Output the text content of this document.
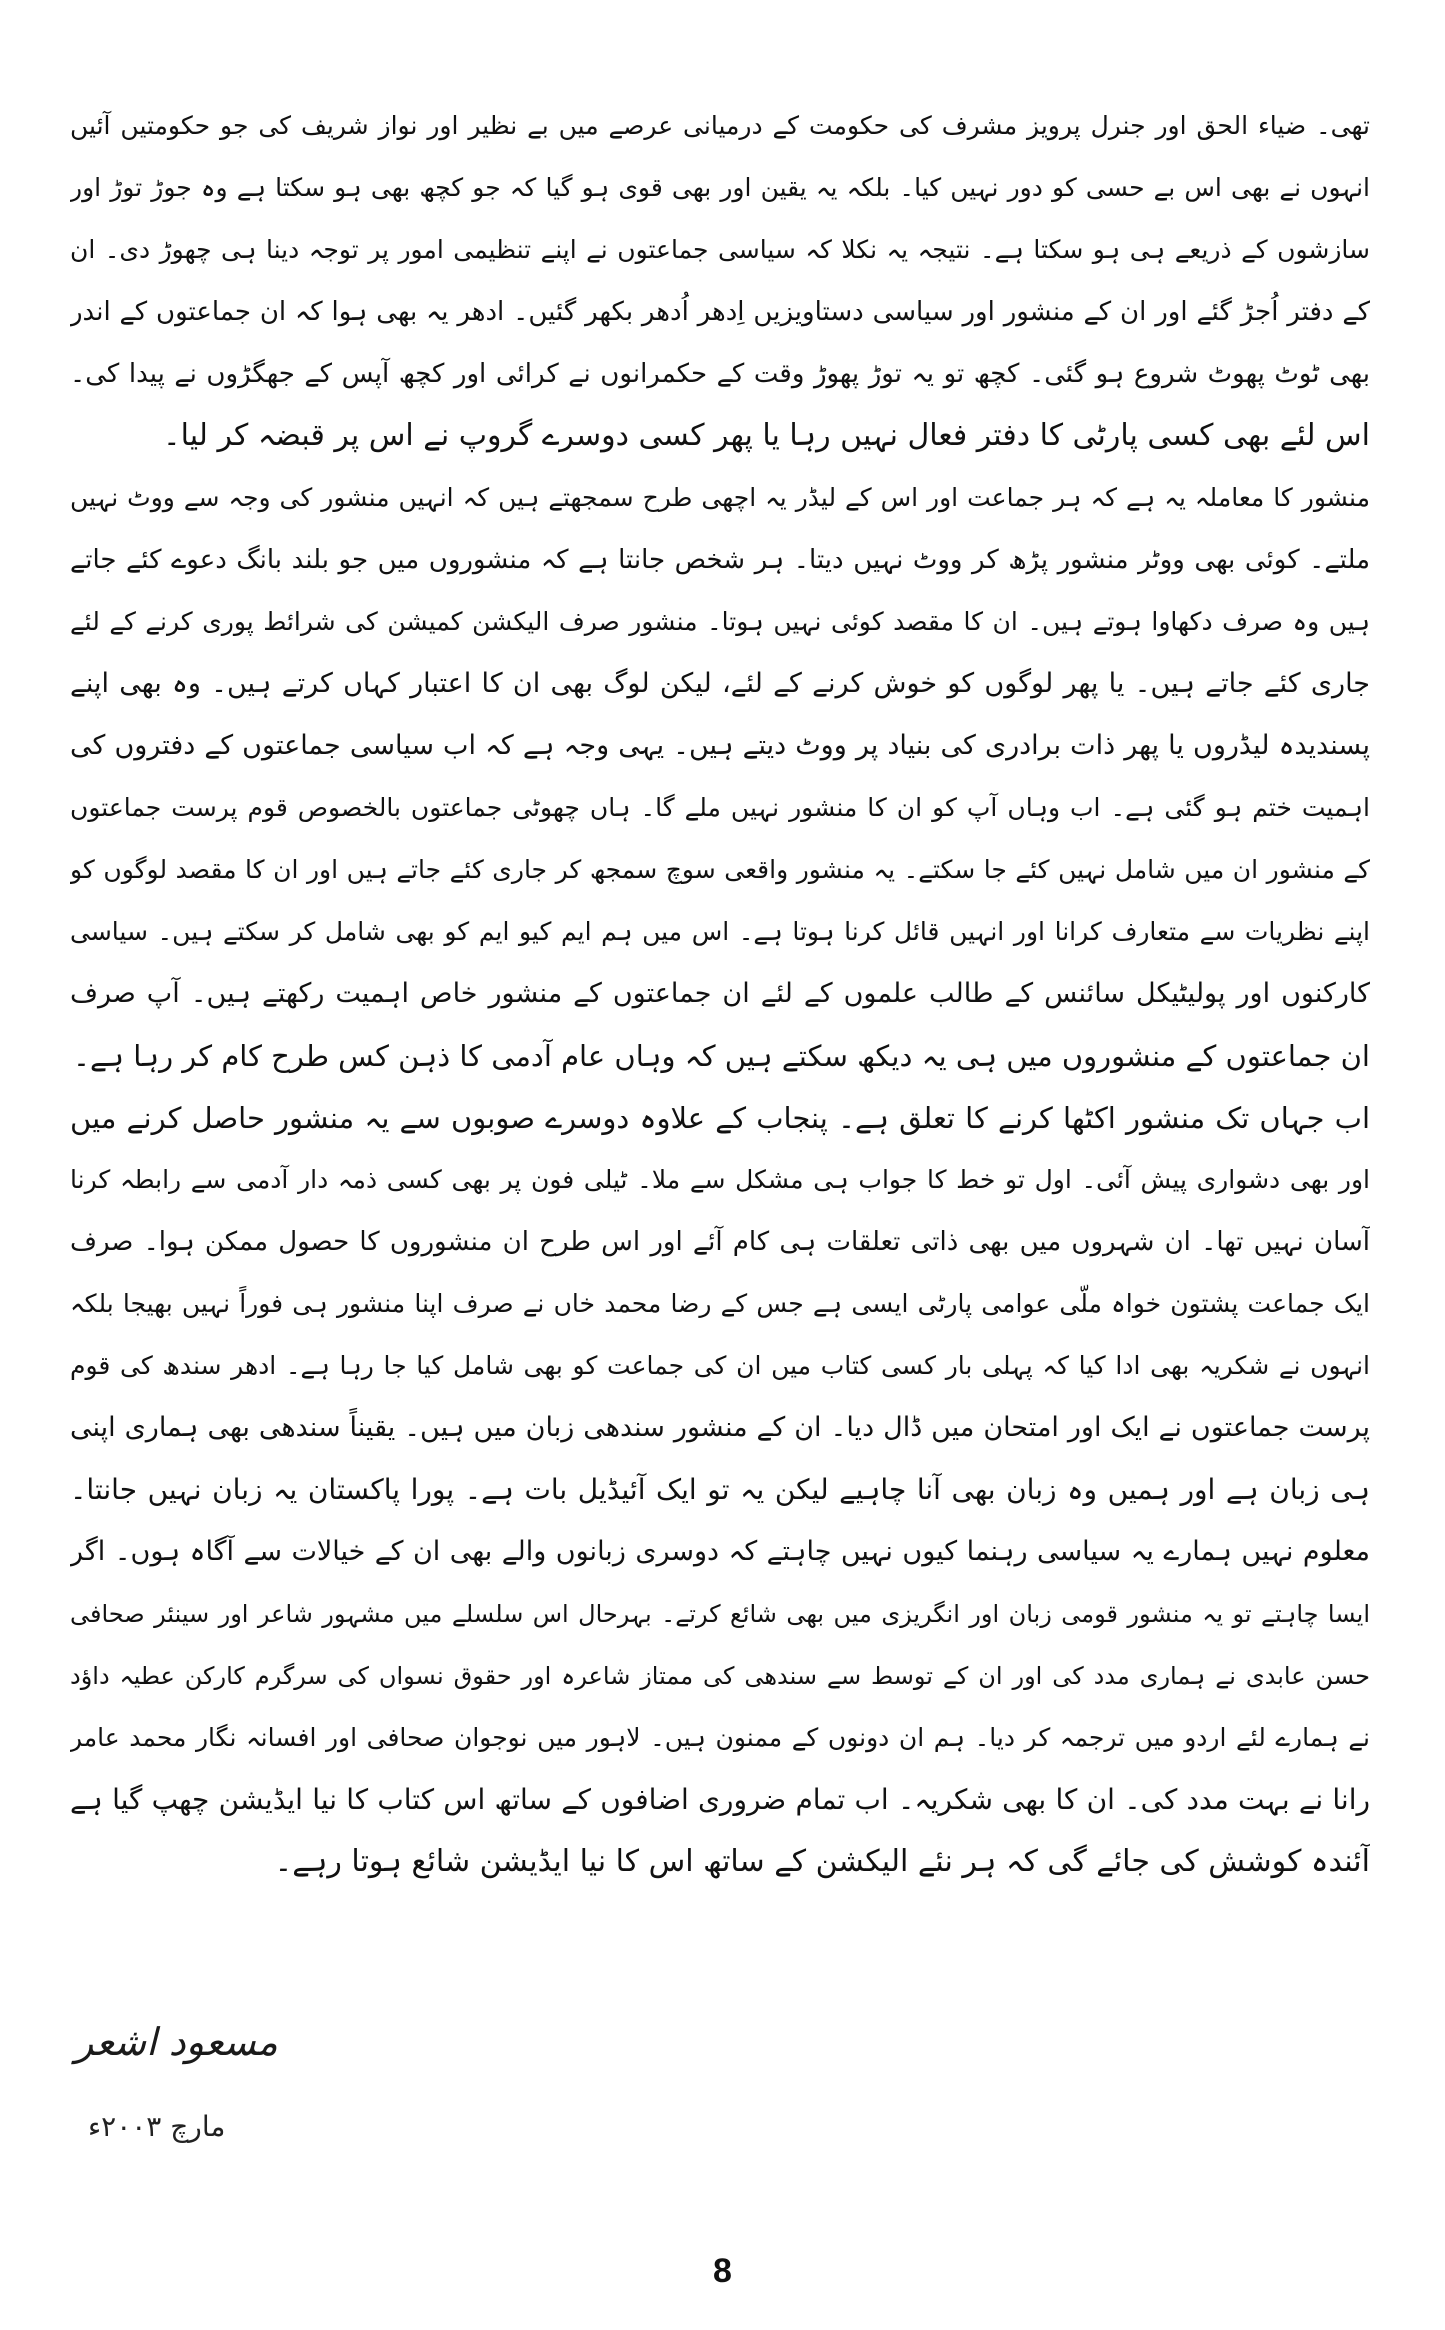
تھی۔ ضیاء الحق اور جنرل پرویز مشرف کی حکومت کے درمیانی عرصے میں بے نظیر اور نواز شریف کی جو حکومتیں آئیں
انہوں نے بھی اس بے حسی کو دور نہیں کیا۔ بلکہ یہ یقین اور بھی قوی ہو گیا کہ جو کچھ بھی ہو سکتا ہے وہ جوڑ توڑ اور
سازشوں کے ذریعے ہی ہو سکتا ہے۔ نتیجہ یہ نکلا کہ سیاسی جماعتوں نے اپنے تنظیمی امور پر توجہ دینا ہی چھوڑ دی۔ ان
کے دفتر اُجڑ گئے اور ان کے منشور اور سیاسی دستاویزیں اِدھر اُدھر بکھر گئیں۔ ادھر یہ بھی ہوا کہ ان جماعتوں کے اندر
بھی ٹوٹ پھوٹ شروع ہو گئی۔ کچھ تو یہ توڑ پھوڑ وقت کے حکمرانوں نے کرائی اور کچھ آپس کے جھگڑوں نے پیدا کی۔
اس لئے بھی کسی پارٹی کا دفتر فعال نہیں رہا یا پھر کسی دوسرے گروپ نے اس پر قبضہ کر لیا۔
منشور کا معاملہ یہ ہے کہ ہر جماعت اور اس کے لیڈر یہ اچھی طرح سمجھتے ہیں کہ انہیں منشور کی وجہ سے ووٹ نہیں
ملتے۔ کوئی بھی ووٹر منشور پڑھ کر ووٹ نہیں دیتا۔ ہر شخص جانتا ہے کہ منشوروں میں جو بلند بانگ دعوے کئے جاتے
ہیں وہ صرف دکھاوا ہوتے ہیں۔ ان کا مقصد کوئی نہیں ہوتا۔ منشور صرف الیکشن کمیشن کی شرائط پوری کرنے کے لئے
جاری کئے جاتے ہیں۔ یا پھر لوگوں کو خوش کرنے کے لئے، لیکن لوگ بھی ان کا اعتبار کہاں کرتے ہیں۔ وہ بھی اپنے
پسندیدہ لیڈروں یا پھر ذات برادری کی بنیاد پر ووٹ دیتے ہیں۔ یہی وجہ ہے کہ اب سیاسی جماعتوں کے دفتروں کی
اہمیت ختم ہو گئی ہے۔ اب وہاں آپ کو ان کا منشور نہیں ملے گا۔ ہاں چھوٹی جماعتوں بالخصوص قوم پرست جماعتوں
کے منشور ان میں شامل نہیں کئے جا سکتے۔ یہ منشور واقعی سوچ سمجھ کر جاری کئے جاتے ہیں اور ان کا مقصد لوگوں کو
اپنے نظریات سے متعارف کرانا اور انہیں قائل کرنا ہوتا ہے۔ اس میں ہم ایم کیو ایم کو بھی شامل کر سکتے ہیں۔ سیاسی
کارکنوں اور پولیٹیکل سائنس کے طالب علموں کے لئے ان جماعتوں کے منشور خاص اہمیت رکھتے ہیں۔ آپ صرف
ان جماعتوں کے منشوروں میں ہی یہ دیکھ سکتے ہیں کہ وہاں عام آدمی کا ذہن کس طرح کام کر رہا ہے۔
اب جہاں تک منشور اکٹھا کرنے کا تعلق ہے۔ پنجاب کے علاوہ دوسرے صوبوں سے یہ منشور حاصل کرنے میں
اور بھی دشواری پیش آئی۔ اول تو خط کا جواب ہی مشکل سے ملا۔ ٹیلی فون پر بھی کسی ذمہ دار آدمی سے رابطہ کرنا
آسان نہیں تھا۔ ان شہروں میں بھی ذاتی تعلقات ہی کام آئے اور اس طرح ان منشوروں کا حصول ممکن ہوا۔ صرف
ایک جماعت پشتون خواہ ملّی عوامی پارٹی ایسی ہے جس کے رضا محمد خاں نے صرف اپنا منشور ہی فوراً نہیں بھیجا بلکہ
انہوں نے شکریہ بھی ادا کیا کہ پہلی بار کسی کتاب میں ان کی جماعت کو بھی شامل کیا جا رہا ہے۔ ادھر سندھ کی قوم
پرست جماعتوں نے ایک اور امتحان میں ڈال دیا۔ ان کے منشور سندھی زبان میں ہیں۔ یقیناً سندھی بھی ہماری اپنی
ہی زبان ہے اور ہمیں وہ زبان بھی آنا چاہیے لیکن یہ تو ایک آئیڈیل بات ہے۔ پورا پاکستان یہ زبان نہیں جانتا۔
معلوم نہیں ہمارے یہ سیاسی رہنما کیوں نہیں چاہتے کہ دوسری زبانوں والے بھی ان کے خیالات سے آگاہ ہوں۔ اگر
ایسا چاہتے تو یہ منشور قومی زبان اور انگریزی میں بھی شائع کرتے۔ بہرحال اس سلسلے میں مشہور شاعر اور سینئر صحافی
حسن عابدی نے ہماری مدد کی اور ان کے توسط سے سندھی کی ممتاز شاعرہ اور حقوق نسواں کی سرگرم کارکن عطیہ داؤد
نے ہمارے لئے اردو میں ترجمہ کر دیا۔ ہم ان دونوں کے ممنون ہیں۔ لاہور میں نوجوان صحافی اور افسانہ نگار محمد عامر
رانا نے بہت مدد کی۔ ان کا بھی شکریہ۔ اب تمام ضروری اضافوں کے ساتھ اس کتاب کا نیا ایڈیشن چھپ گیا ہے
آئندہ کوشش کی جائے گی کہ ہر نئے الیکشن کے ساتھ اس کا نیا ایڈیشن شائع ہوتا رہے۔
مسعود اشعر
مارچ ۲۰۰۳ء
8
